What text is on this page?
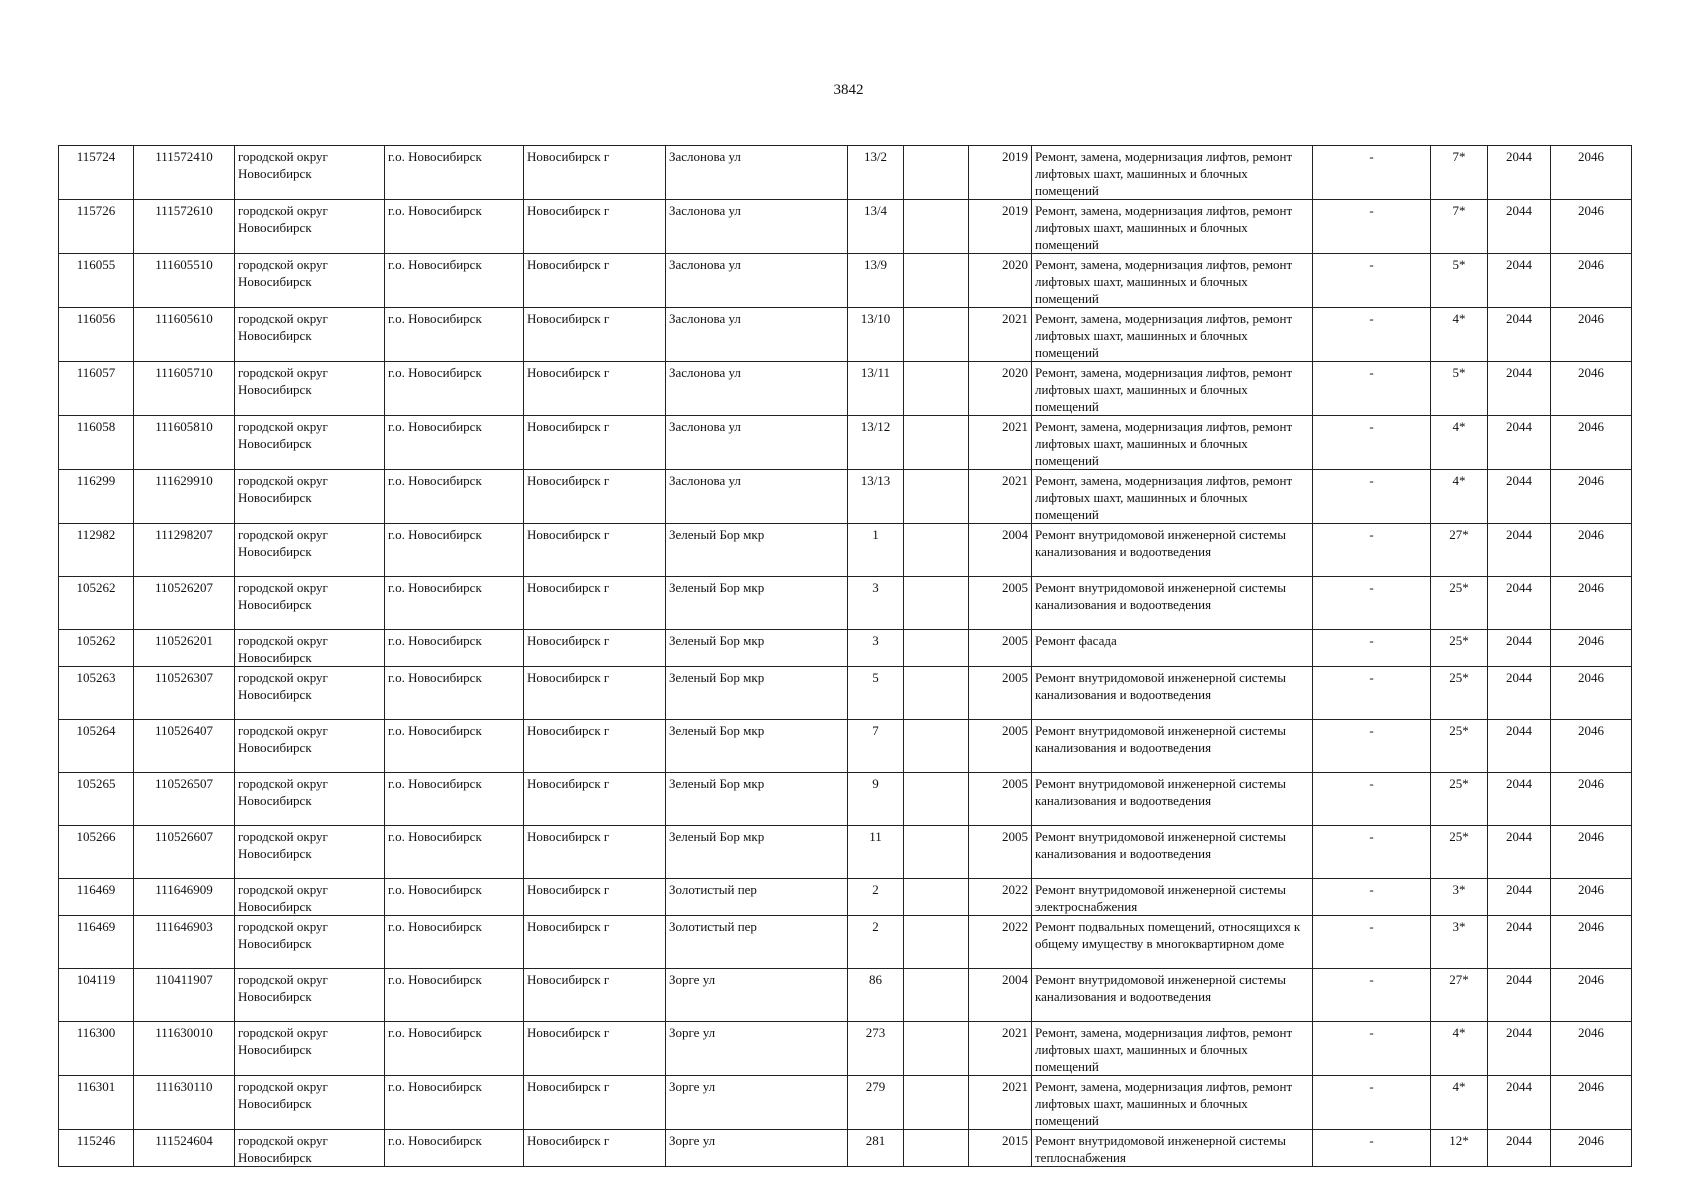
3842
115724	111572410	городской округ Новосибирск	г.о. Новосибирск	Новосибирск г	Заслонова ул	13/2		2019	Ремонт, замена, модернизация лифтов, ремонт лифтовых шахт, машинных и блочных помещений	-	7*	2044	2046
115726	111572610	городской округ Новосибирск	г.о. Новосибирск	Новосибирск г	Заслонова ул	13/4		2019	Ремонт, замена, модернизация лифтов, ремонт лифтовых шахт, машинных и блочных помещений	-	7*	2044	2046
116055	111605510	городской округ Новосибирск	г.о. Новосибирск	Новосибирск г	Заслонова ул	13/9		2020	Ремонт, замена, модернизация лифтов, ремонт лифтовых шахт, машинных и блочных помещений	-	5*	2044	2046
116056	111605610	городской округ Новосибирск	г.о. Новосибирск	Новосибирск г	Заслонова ул	13/10		2021	Ремонт, замена, модернизация лифтов, ремонт лифтовых шахт, машинных и блочных помещений	-	4*	2044	2046
116057	111605710	городской округ Новосибирск	г.о. Новосибирск	Новосибирск г	Заслонова ул	13/11		2020	Ремонт, замена, модернизация лифтов, ремонт лифтовых шахт, машинных и блочных помещений	-	5*	2044	2046
116058	111605810	городской округ Новосибирск	г.о. Новосибирск	Новосибирск г	Заслонова ул	13/12		2021	Ремонт, замена, модернизация лифтов, ремонт лифтовых шахт, машинных и блочных помещений	-	4*	2044	2046
116299	111629910	городской округ Новосибирск	г.о. Новосибирск	Новосибирск г	Заслонова ул	13/13		2021	Ремонт, замена, модернизация лифтов, ремонт лифтовых шахт, машинных и блочных помещений	-	4*	2044	2046
112982	111298207	городской округ Новосибирск	г.о. Новосибирск	Новосибирск г	Зеленый Бор мкр	1		2004	Ремонт внутридомовой инженерной системы канализования и водоотведения	-	27*	2044	2046
105262	110526207	городской округ Новосибирск	г.о. Новосибирск	Новосибирск г	Зеленый Бор мкр	3		2005	Ремонт внутридомовой инженерной системы канализования и водоотведения	-	25*	2044	2046
105262	110526201	городской округ Новосибирск	г.о. Новосибирск	Новосибирск г	Зеленый Бор мкр	3		2005	Ремонт фасада	-	25*	2044	2046
105263	110526307	городской округ Новосибирск	г.о. Новосибирск	Новосибирск г	Зеленый Бор мкр	5		2005	Ремонт внутридомовой инженерной системы канализования и водоотведения	-	25*	2044	2046
105264	110526407	городской округ Новосибирск	г.о. Новосибирск	Новосибирск г	Зеленый Бор мкр	7		2005	Ремонт внутридомовой инженерной системы канализования и водоотведения	-	25*	2044	2046
105265	110526507	городской округ Новосибирск	г.о. Новосибирск	Новосибирск г	Зеленый Бор мкр	9		2005	Ремонт внутридомовой инженерной системы канализования и водоотведения	-	25*	2044	2046
105266	110526607	городской округ Новосибирск	г.о. Новосибирск	Новосибирск г	Зеленый Бор мкр	11		2005	Ремонт внутридомовой инженерной системы канализования и водоотведения	-	25*	2044	2046
116469	111646909	городской округ Новосибирск	г.о. Новосибирск	Новосибирск г	Золотистый пер	2		2022	Ремонт внутридомовой инженерной системы электроснабжения	-	3*	2044	2046
116469	111646903	городской округ Новосибирск	г.о. Новосибирск	Новосибирск г	Золотистый пер	2		2022	Ремонт подвальных помещений, относящихся к общему имуществу в многоквартирном доме	-	3*	2044	2046
104119	110411907	городской округ Новосибирск	г.о. Новосибирск	Новосибирск г	Зорге ул	86		2004	Ремонт внутридомовой инженерной системы канализования и водоотведения	-	27*	2044	2046
116300	111630010	городской округ Новосибирск	г.о. Новосибирск	Новосибирск г	Зорге ул	273		2021	Ремонт, замена, модернизация лифтов, ремонт лифтовых шахт, машинных и блочных помещений	-	4*	2044	2046
116301	111630110	городской округ Новосибирск	г.о. Новосибирск	Новосибирск г	Зорге ул	279		2021	Ремонт, замена, модернизация лифтов, ремонт лифтовых шахт, машинных и блочных помещений	-	4*	2044	2046
115246	111524604	городской округ Новосибирск	г.о. Новосибирск	Новосибирск г	Зорге ул	281		2015	Ремонт внутридомовой инженерной системы теплоснабжения	-	12*	2044	2046
